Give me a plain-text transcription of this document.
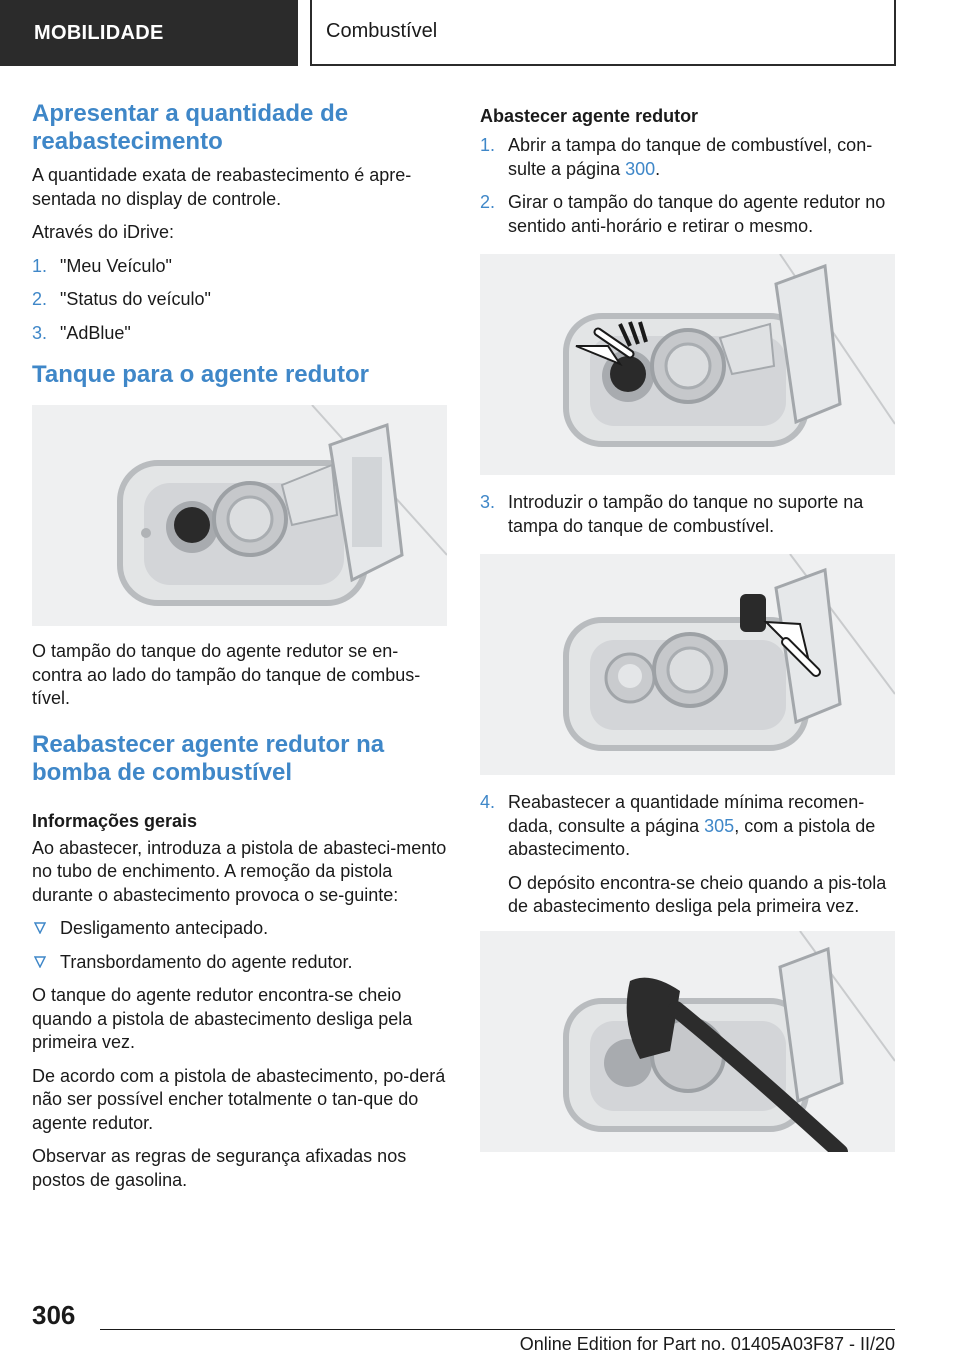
MOBILIDADE	Combustível
Apresentar a quantidade de reabastecimento

A quantidade exata de reabastecimento é apre-sentada no display de controle.

Através do iDrive:

1. "Meu Veículo"
2. "Status do veículo"
3. "AdBlue"
Tanque para o agente redutor

O tampão do tanque do agente redutor se en-contra ao lado do tampão do tanque de combus-tível.

Reabastecer agente redutor na bomba de combustível
Informações gerais

Ao abastecer, introduza a pistola de abasteci-mento no tubo de enchimento. A remoção da pistola durante o abastecimento provoca o se-guinte:

Desligamento antecipado.
Transbordamento do agente redutor.

O tanque do agente redutor encontra-se cheio quando a pistola de abastecimento desliga pela primeira vez.

De acordo com a pistola de abastecimento, po-derá não ser possível encher totalmente o tan-que do agente redutor.

Observar as regras de segurança afixadas nos postos de gasolina.

Abastecer agente redutor
1. Abrir a tampa do tanque de combustível, con-sulte a página 300.
2. Girar o tampão do tanque do agente redutor no sentido anti-horário e retirar o mesmo.
3. Introduzir o tampão do tanque no suporte na tampa do tanque de combustível.
4. Reabastecer a quantidade mínima recomen-dada, consulte a página 305, com a pistola de abastecimento.

O depósito encontra-se cheio quando a pis-tola de abastecimento desliga pela primeira vez.

306
Online Edition for Part no. 01405A03F87 - II/20
